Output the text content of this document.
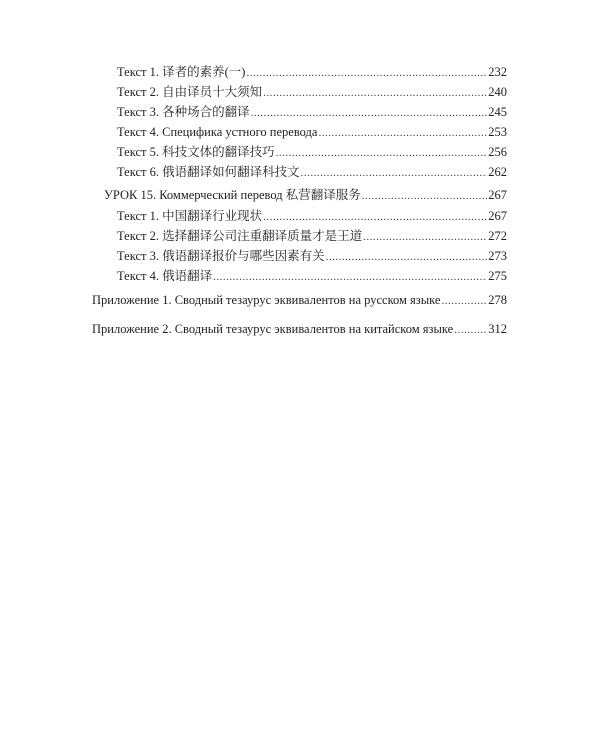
Текст 1. 译者的素养(一) .....	232
Текст 2. 自由译员十大须知 .....	240
Текст 3. 各种场合的翻译 .....	245
Текст 4. Специфика устного перевода .....	253
Текст 5. 科技文体的翻译技巧 .....	256
Текст 6. 俄语翻译如何翻译科技文 .....	262
УРОК 15. Коммерческий перевод 私营翻译服务 .....	267
Текст 1. 中国翻译行业现状 .....	267
Текст 2. 选择翻译公司注重翻译质量才是王道 .....	272
Текст 3. 俄语翻译报价与哪些因素有关 .....	273
Текст 4. 俄语翻译 .....	275
Приложение 1. Сводный тезаурус эквивалентов на русском языке .....	278
Приложение 2. Сводный тезаурус эквивалентов на китайском языке .....	312
